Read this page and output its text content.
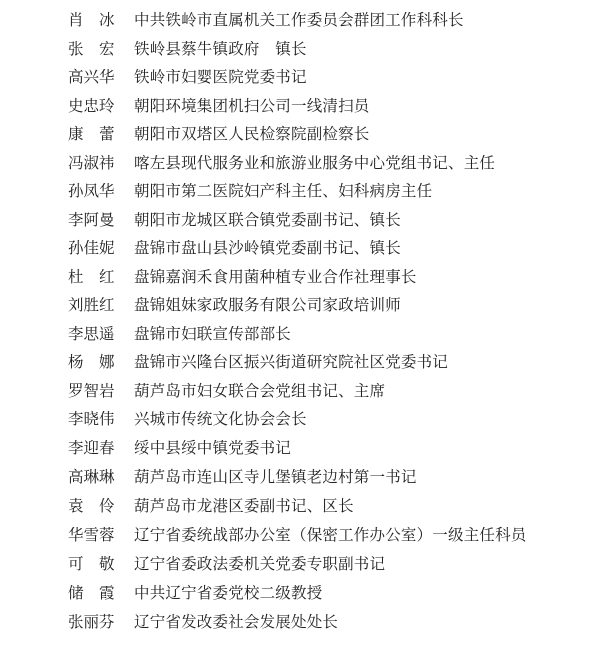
肖　冰	中共铁岭市直属机关工作委员会群团工作科科长
张　宏	铁岭县蔡牛镇政府　镇长
高兴华	铁岭市妇婴医院党委书记
史忠玲	朝阳环境集团机扫公司一线清扫员
康　蕾	朝阳市双塔区人民检察院副检察长
冯淑祎	喀左县现代服务业和旅游业服务中心党组书记、主任
孙凤华	朝阳市第二医院妇产科主任、妇科病房主任
李阿曼	朝阳市龙城区联合镇党委副书记、镇长
孙佳妮	盘锦市盘山县沙岭镇党委副书记、镇长
杜　红	盘锦嘉润禾食用菌种植专业合作社理事长
刘胜红	盘锦姐妹家政服务有限公司家政培训师
李思遥	盘锦市妇联宣传部部长
杨　娜	盘锦市兴隆台区振兴街道研究院社区党委书记
罗智岩	葫芦岛市妇女联合会党组书记、主席
李晓伟	兴城市传统文化协会会长
李迎春	绥中县绥中镇党委书记
高琳琳	葫芦岛市连山区寺儿堡镇老边村第一书记
袁　伶	葫芦岛市龙港区委副书记、区长
华雪蓉	辽宁省委统战部办公室（保密工作办公室）一级主任科员
可　敬	辽宁省委政法委机关党委专职副书记
储　霞	中共辽宁省委党校二级教授
张丽芬	辽宁省发改委社会发展处处长
